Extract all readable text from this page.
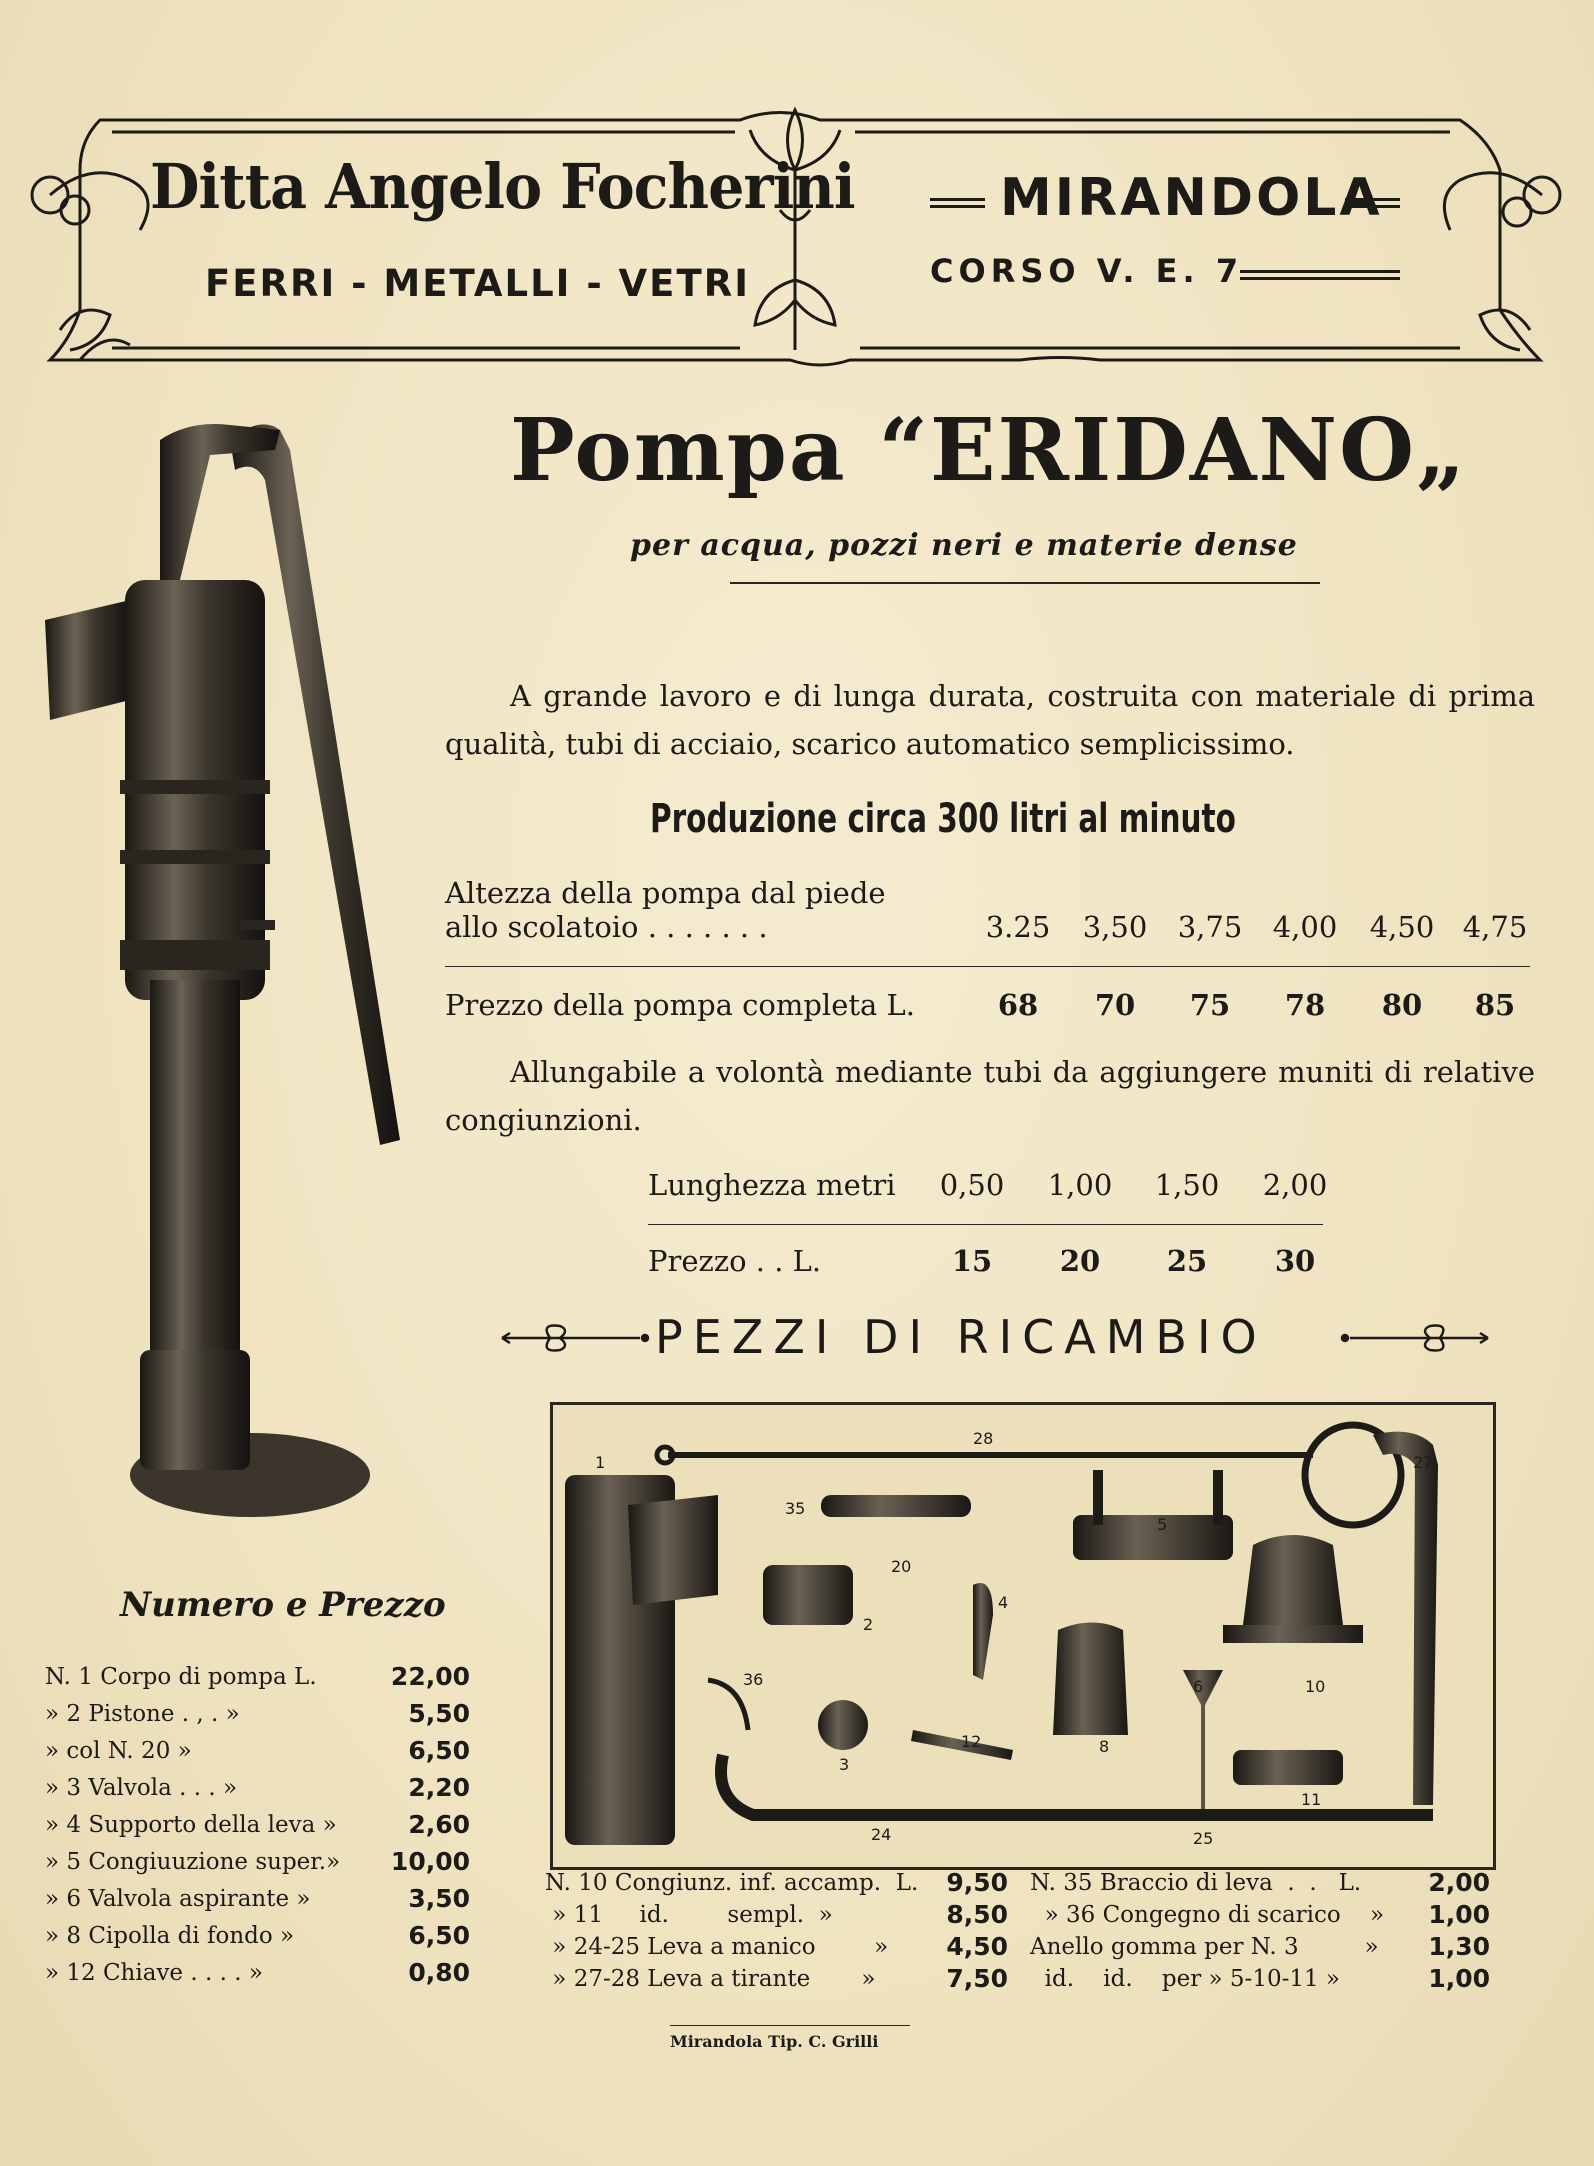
Ditta Angelo Focherini
FERRI - METALLI - VETRI
MIRANDOLA
CORSO V. E. 7
Pompa “ERIDANO„
per acqua, pozzi neri e materie dense
A grande lavoro e di lunga durata, costruita con materiale di prima qualità, tubi di acciaio, scarico automatico semplicissimo.
Produzione circa 300 litri al minuto
Altezza della pompa dal piede
allo scolatoio . . . . . . .	3.25 3,50 3,75 4,00 4,50 4,75
Prezzo della pompa completa L.	68	70	75	78	80	85
Allungabile a volontà mediante tubi da aggiungere muniti di relative congiunzioni.
Lunghezza metri 0,50 1,00 1,50 2,00
Prezzo . . L.	15	20	25	30
PEZZI DI RICAMBIO
1
28
27
35
5
20
4
2
36
3
12	8
6	10
11
24	25
Numero e Prezzo
N. 1 Corpo di pompa L.	22,00
» 2 Pistone . , . »	5,50
» col N. 20 »	6,50
» 3 Valvola . . . »	2,20
» 4 Supporto della leva »	2,60
» 5 Congiuuzione super.»	10,00
» 6 Valvola aspirante »	3,50
» 8 Cipolla di fondo »	6,50
» 12 Chiave . . . . »	0,80
N. 10 Congiunz. inf. accamp.  L.	9,50
» 11     id.        sempl.  »	8,50
» 24-25 Leva a manico        »	4,50
» 27-28 Leva a tirante       »	7,50
N. 35 Braccio di leva  .  .   L.	2,00
» 36 Congegno di scarico    »	1,00
Anello gomma per N. 3         »	1,30
id.    id.    per » 5-10-11 »	1,00
Mirandola Tip. C. Grilli
